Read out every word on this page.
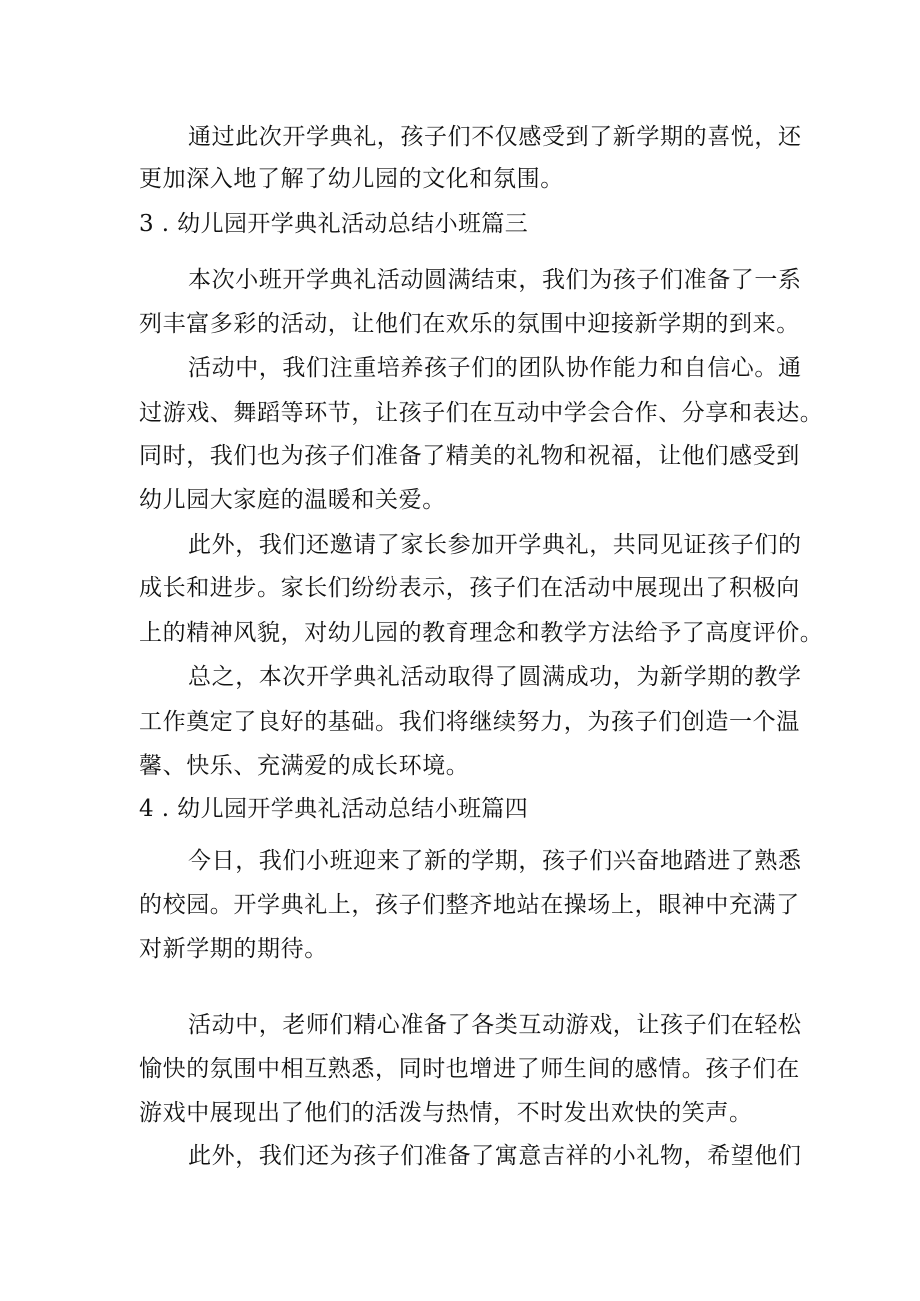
通过此次开学典礼，孩子们不仅感受到了新学期的喜悦，还
更加深入地了解了幼儿园的文化和氛围。
3 . 幼儿园开学典礼活动总结小班篇三
本次小班开学典礼活动圆满结束，我们为孩子们准备了一系
列丰富多彩的活动，让他们在欢乐的氛围中迎接新学期的到来。
活动中，我们注重培养孩子们的团队协作能力和自信心。通
过游戏、舞蹈等环节，让孩子们在互动中学会合作、分享和表达。
同时，我们也为孩子们准备了精美的礼物和祝福，让他们感受到
幼儿园大家庭的温暖和关爱。
此外，我们还邀请了家长参加开学典礼，共同见证孩子们的
成长和进步。家长们纷纷表示，孩子们在活动中展现出了积极向
上的精神风貌，对幼儿园的教育理念和教学方法给予了高度评价。
总之，本次开学典礼活动取得了圆满成功，为新学期的教学
工作奠定了良好的基础。我们将继续努力，为孩子们创造一个温
馨、快乐、充满爱的成长环境。
4 . 幼儿园开学典礼活动总结小班篇四
今日，我们小班迎来了新的学期，孩子们兴奋地踏进了熟悉
的校园。开学典礼上，孩子们整齐地站在操场上，眼神中充满了
对新学期的期待。
活动中，老师们精心准备了各类互动游戏，让孩子们在轻松
愉快的氛围中相互熟悉，同时也增进了师生间的感情。孩子们在
游戏中展现出了他们的活泼与热情，不时发出欢快的笑声。
此外，我们还为孩子们准备了寓意吉祥的小礼物，希望他们
